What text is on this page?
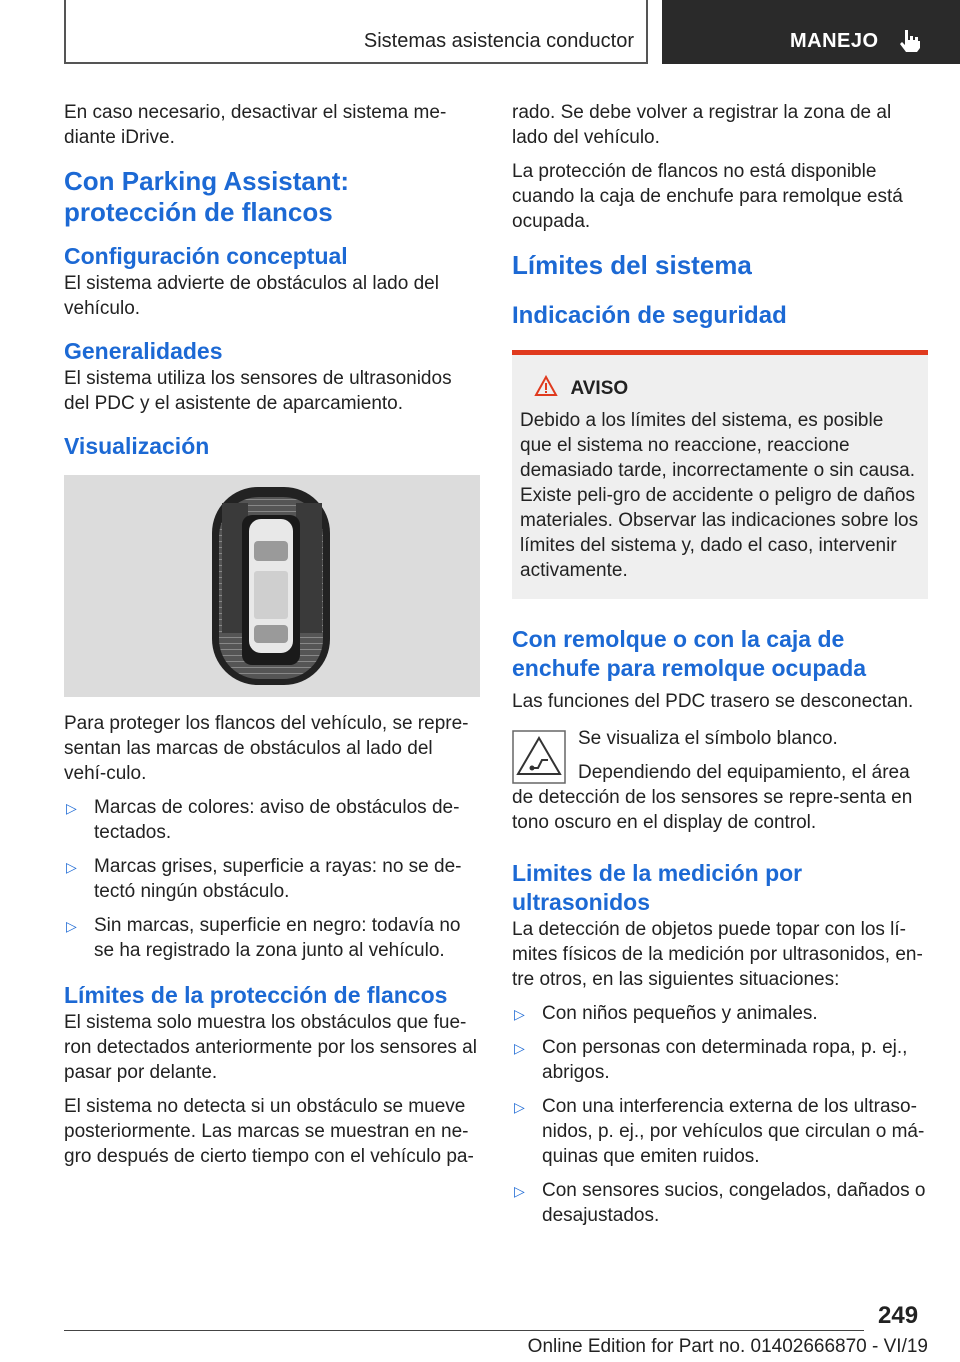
Sistemas asistencia conductor	MANEJO

En caso necesario, desactivar el sistema me-diante iDrive.

Con Parking Assistant: protección de flancos
Configuración conceptual

El sistema advierte de obstáculos al lado del vehículo.

Generalidades

El sistema utiliza los sensores de ultrasonidos del PDC y el asistente de aparcamiento.

Visualización

Para proteger los flancos del vehículo, se repre-sentan las marcas de obstáculos al lado del vehí-culo.

▷ Marcas de colores: aviso de obstáculos de-tectados.
▷ Marcas grises, superficie a rayas: no se de-tectó ningún obstáculo.
▷ Sin marcas, superficie en negro: todavía no se ha registrado la zona junto al vehículo.
Límites de la protección de flancos

El sistema solo muestra los obstáculos que fue-ron detectados anteriormente por los sensores al pasar por delante.

El sistema no detecta si un obstáculo se mueve posteriormente. Las marcas se muestran en ne-gro después de cierto tiempo con el vehículo pa-

rado. Se debe volver a registrar la zona de al lado del vehículo.

La protección de flancos no está disponible cuando la caja de enchufe para remolque está ocupada.

Límites del sistema
Indicación de seguridad
AVISO

Debido a los límites del sistema, es posible que el sistema no reaccione, reaccione demasiado tarde, incorrectamente o sin causa. Existe peli-gro de accidente o peligro de daños materiales. Observar las indicaciones sobre los límites del sistema y, dado el caso, intervenir activamente.

Con remolque o con la caja de enchufe para remolque ocupada

Las funciones del PDC trasero se desconectan.

Se visualiza el símbolo blanco.

Dependiendo del equipamiento, el área de detección de los sensores se repre-senta en tono oscuro en el display de control.

Limites de la medición por ultrasonidos

La detección de objetos puede topar con los lí-mites físicos de la medición por ultrasonidos, en-tre otros, en las siguientes situaciones:

▷ Con niños pequeños y animales.
▷ Con personas con determinada ropa, p. ej., abrigos.
▷ Con una interferencia externa de los ultraso-nidos, p. ej., por vehículos que circulan o má-quinas que emiten ruidos.
▷ Con sensores sucios, congelados, dañados o desajustados.
249
Online Edition for Part no. 01402666870 - VI/19
